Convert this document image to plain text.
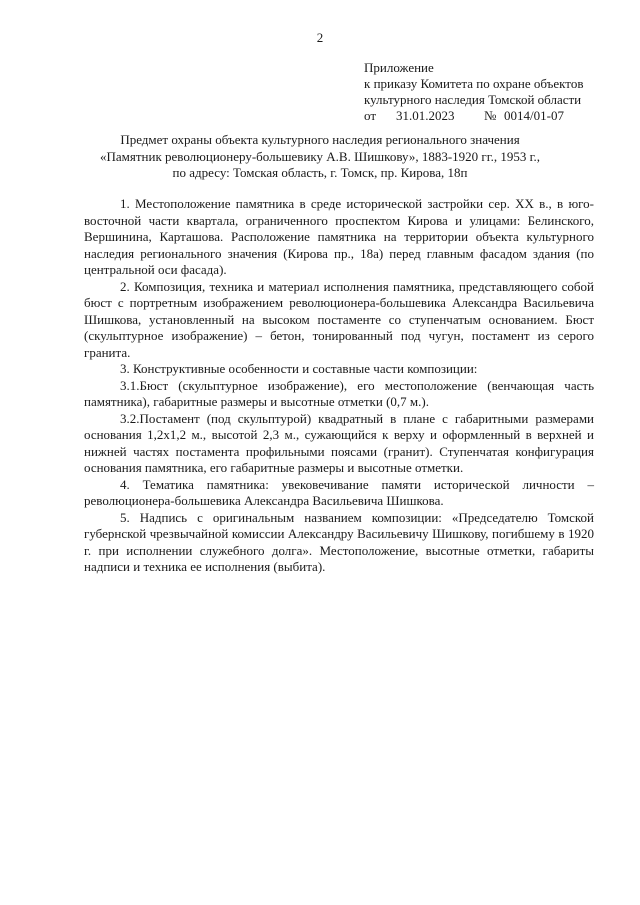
2
Приложение
к приказу Комитета по охране объектов
культурного наследия Томской области
от 31.01.2023 № 0014/01-07
Предмет охраны объекта культурного наследия регионального значения
«Памятник революционеру-большевику А.В. Шишкову», 1883-1920 гг., 1953 г.,
по адресу: Томская область, г. Томск, пр. Кирова, 18п

1. Местоположение памятника в среде исторической застройки сер. XX в., в юго-восточной части квартала, ограниченного проспектом Кирова и улицами: Белинского, Вершинина, Карташова. Расположение памятника на территории объекта культурного наследия регионального значения (Кирова пр., 18а) перед главным фасадом здания (по центральной оси фасада).

2. Композиция, техника и материал исполнения памятника, представляющего собой бюст с портретным изображением революционера-большевика Александра Васильевича Шишкова, установленный на высоком постаменте со ступенчатым основанием. Бюст (скульптурное изображение) – бетон, тонированный под чугун, постамент из серого гранита.

3. Конструктивные особенности и составные части композиции:

3.1.Бюст (скульптурное изображение), его местоположение (венчающая часть памятника), габаритные размеры и высотные отметки (0,7 м.).

3.2.Постамент (под скульптурой) квадратный в плане с габаритными размерами основания 1,2х1,2 м., высотой 2,3 м., сужающийся к верху и оформленный в верхней и нижней частях постамента профильными поясами (гранит). Ступенчатая конфигурация основания памятника, его габаритные размеры и высотные отметки.

4. Тематика памятника: увековечивание памяти исторической личности – революционера-большевика Александра Васильевича Шишкова.

5. Надпись с оригинальным названием композиции: «Председателю Томской губернской чрезвычайной комиссии Александру Васильевичу Шишкову, погибшему в 1920 г. при исполнении служебного долга». Местоположение, высотные отметки, габариты надписи и техника ее исполнения (выбита).
